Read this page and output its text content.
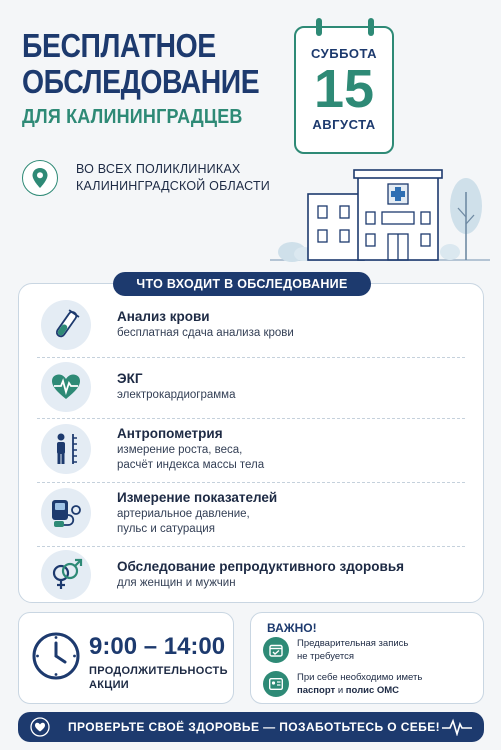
БЕСПЛАТНОЕ
ОБСЛЕДОВАНИЕ
ДЛЯ КАЛИНИНГРАДЦЕВ
СУББОТА
15
АВГУСТА
ВО ВСЕХ ПОЛИКЛИНИКАХ
КАЛИНИНГРАДСКОЙ ОБЛАСТИ
Анализ крови
бесплатная сдача анализа крови
ЭКГ
электрокардиограмма
Антропометрия
измерение роста, веса,
расчёт индекса массы тела
Измерение показателей
артериальное давление,
пульс и сатурация
Обследование репродуктивного здоровья
для женщин и мужчин
ЧТО ВХОДИТ В ОБСЛЕДОВАНИЕ
9:00 – 14:00
ПРОДОЛЖИТЕЛЬНОСТЬ
АКЦИИ
ВАЖНО!
Предварительная запись
не требуется
При себе необходимо иметь
паспорт и полис ОМС
ПРОВЕРЬТЕ СВОЁ ЗДОРОВЬЕ — ПОЗАБОТЬТЕСЬ О СЕБЕ!
